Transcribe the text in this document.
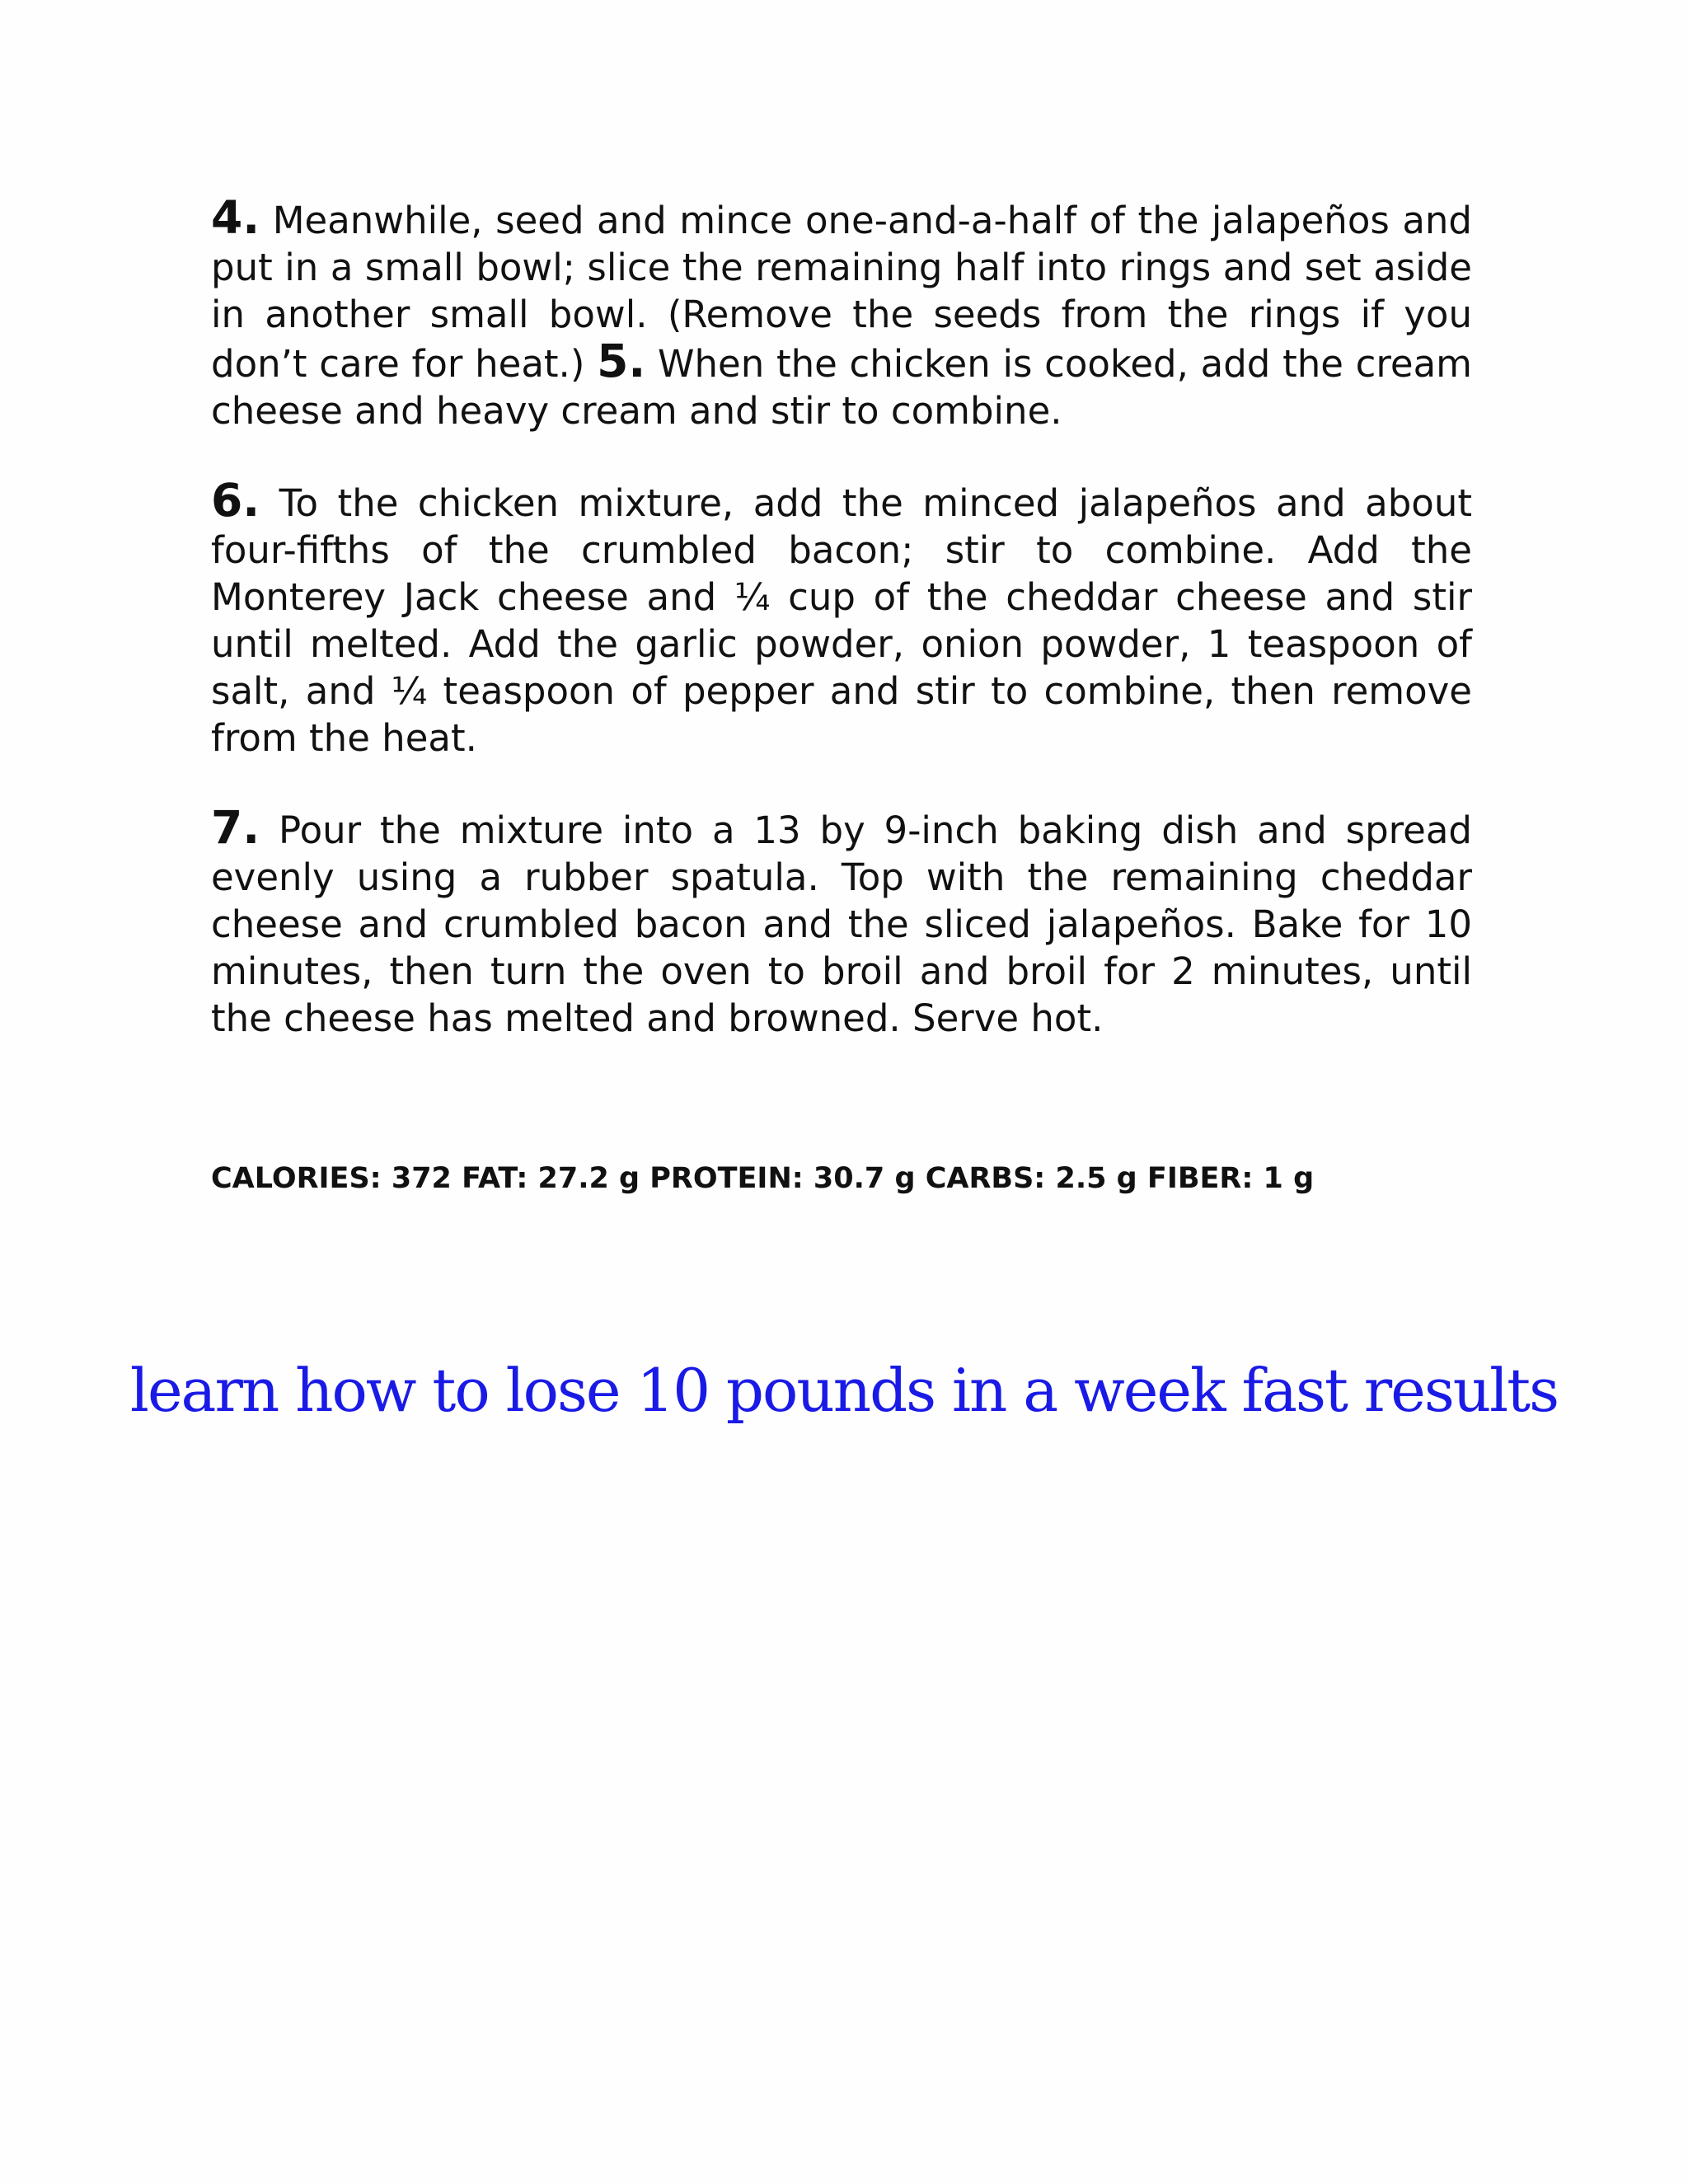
4. Meanwhile, seed and mince one-and-a-half of the jalapeños and put in a small bowl; slice the remaining half into rings and set aside in another small bowl. (Remove the seeds from the rings if you don’t care for heat.) 5. When the chicken is cooked, add the cream cheese and heavy cream and stir to combine.

6. To the chicken mixture, add the minced jalapeños and about four-fifths of the crumbled bacon; stir to combine. Add the Monterey Jack cheese and ¼ cup of the cheddar cheese and stir until melted. Add the garlic powder, onion powder, 1 teaspoon of salt, and ¼ teaspoon of pepper and stir to combine, then remove from the heat.

7. Pour the mixture into a 13 by 9-inch baking dish and spread evenly using a rubber spatula. Top with the remaining cheddar cheese and crumbled bacon and the sliced jalapeños. Bake for 10 minutes, then turn the oven to broil and broil for 2 minutes, until the cheese has melted and browned. Serve hot.

CALORIES: 372 FAT: 27.2 g PROTEIN: 30.7 g CARBS: 2.5 g FIBER: 1 g
learn how to lose 10 pounds in a week fast results
